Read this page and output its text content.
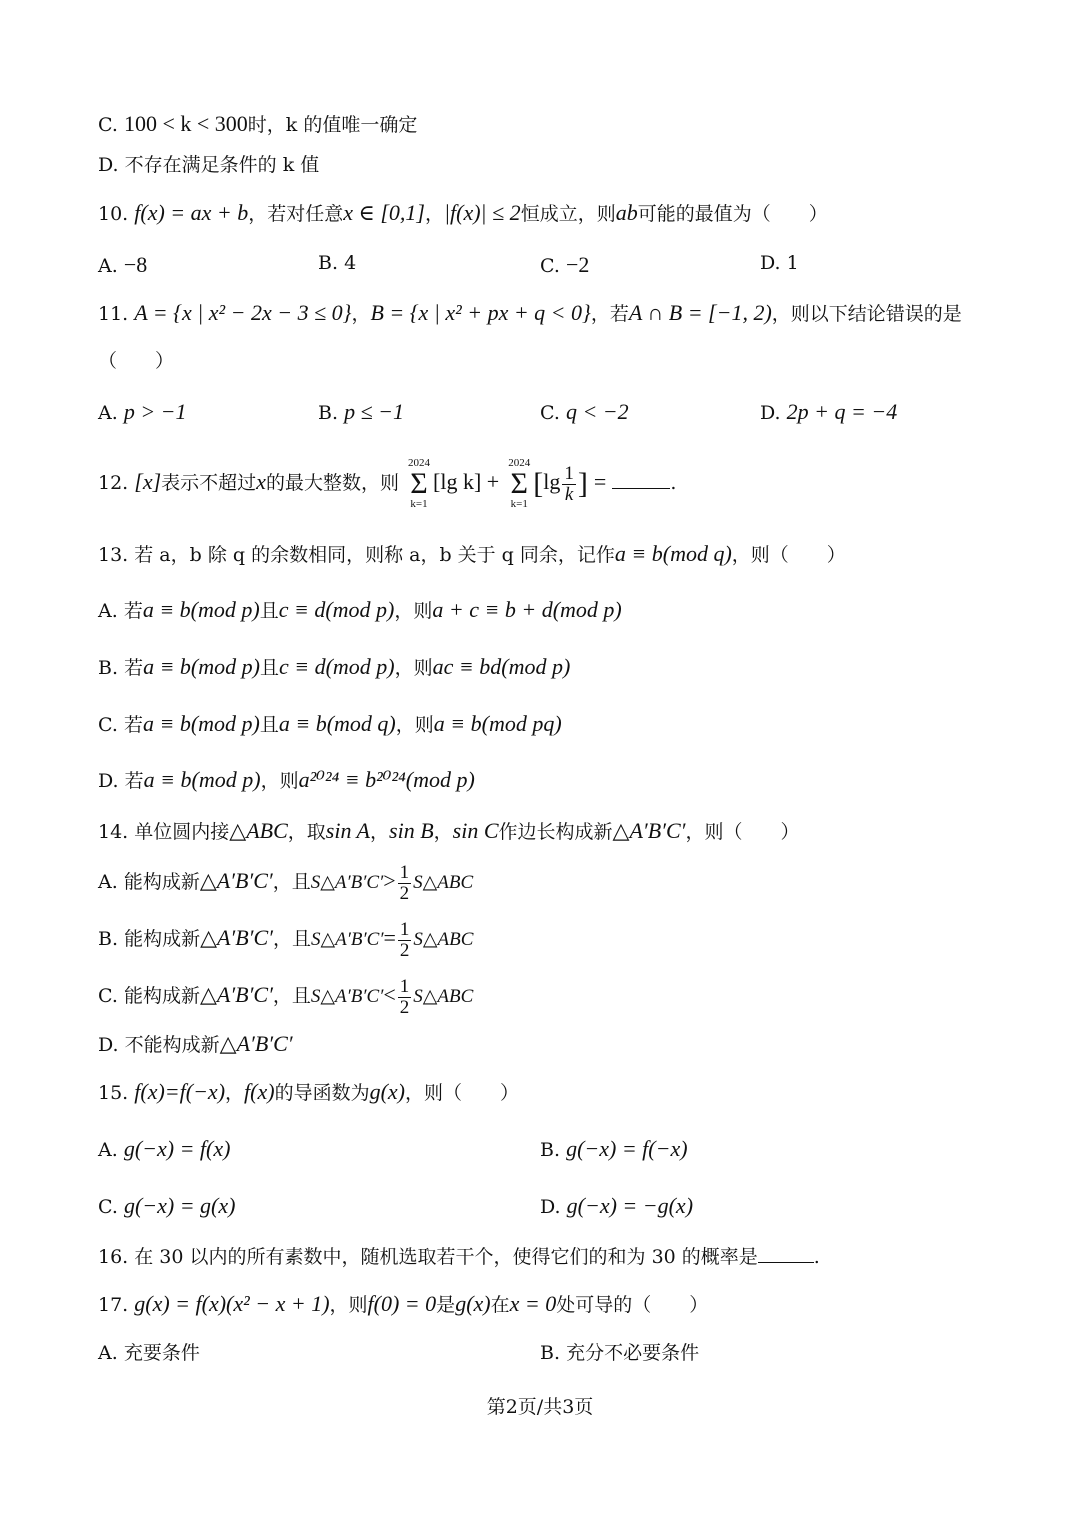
C. 100 < k < 300时，k 的值唯一确定
D. 不存在满足条件的 k 值
10. f(x) = ax + b，若对任意x ∈ [0,1]，|f(x)| ≤ 2恒成立，则ab可能的最值为（　　）
A. −8	B. 4	C. −2	D. 1
11. A = {x | x² − 2x − 3 ≤ 0}，B = {x | x² + px + q < 0}，若A ∩ B = [−1, 2)，则以下结论错误的是
（　　）
A. p > −1	B. p ≤ −1	C. q < −2	D. 2p + q = −4
12. [x]表示不超过x的最大整数，则
2024
Σ
k=1
[lg k] +
2024
Σ
k=1
[$\lg \frac{1}{k}$ ] =	.
13. 若 a，b 除 q 的余数相同，则称 a，b 关于 q 同余，记作a ≡ b(mod q)，则（　　）
A. 若a ≡ b(mod p)且c ≡ d(mod p)，则a + c ≡ b + d(mod p)
B. 若a ≡ b(mod p)且c ≡ d(mod p)，则ac ≡ bd(mod p)
C. 若a ≡ b(mod p)且a ≡ b(mod q)，则a ≡ b(mod pq)
D. 若a ≡ b(mod p)，则a²⁰²⁴ ≡ b²⁰²⁴(mod p)
14. 单位圆内接△ABC，取sin A，sin B，sin C作边长构成新△A′B′C′，则（　　）
A. 能构成新△A′B′C′，且S△A′B′C′> $\frac{1}{2}$ S△ABC
B. 能构成新△A′B′C′，且S△A′B′C′= $\frac{1}{2}$ S△ABC
C. 能构成新△A′B′C′，且S△A′B′C′< $\frac{1}{2}$ S△ABC
D. 不能构成新△A′B′C′
15. f(x)=f(−x)，f(x)的导函数为g(x)，则（　　）
A. g(−x) = f(x)	B. g(−x) = f(−x)
C. g(−x) = g(x)	D. g(−x) = −g(x)
16. 在 30 以内的所有素数中，随机选取若干个，使得它们的和为 30 的概率是	.
17. g(x) = f(x)(x² − x + 1)，则f(0) = 0是g(x)在x = 0处可导的（　　）
A. 充要条件	B. 充分不必要条件
第2页/共3页
